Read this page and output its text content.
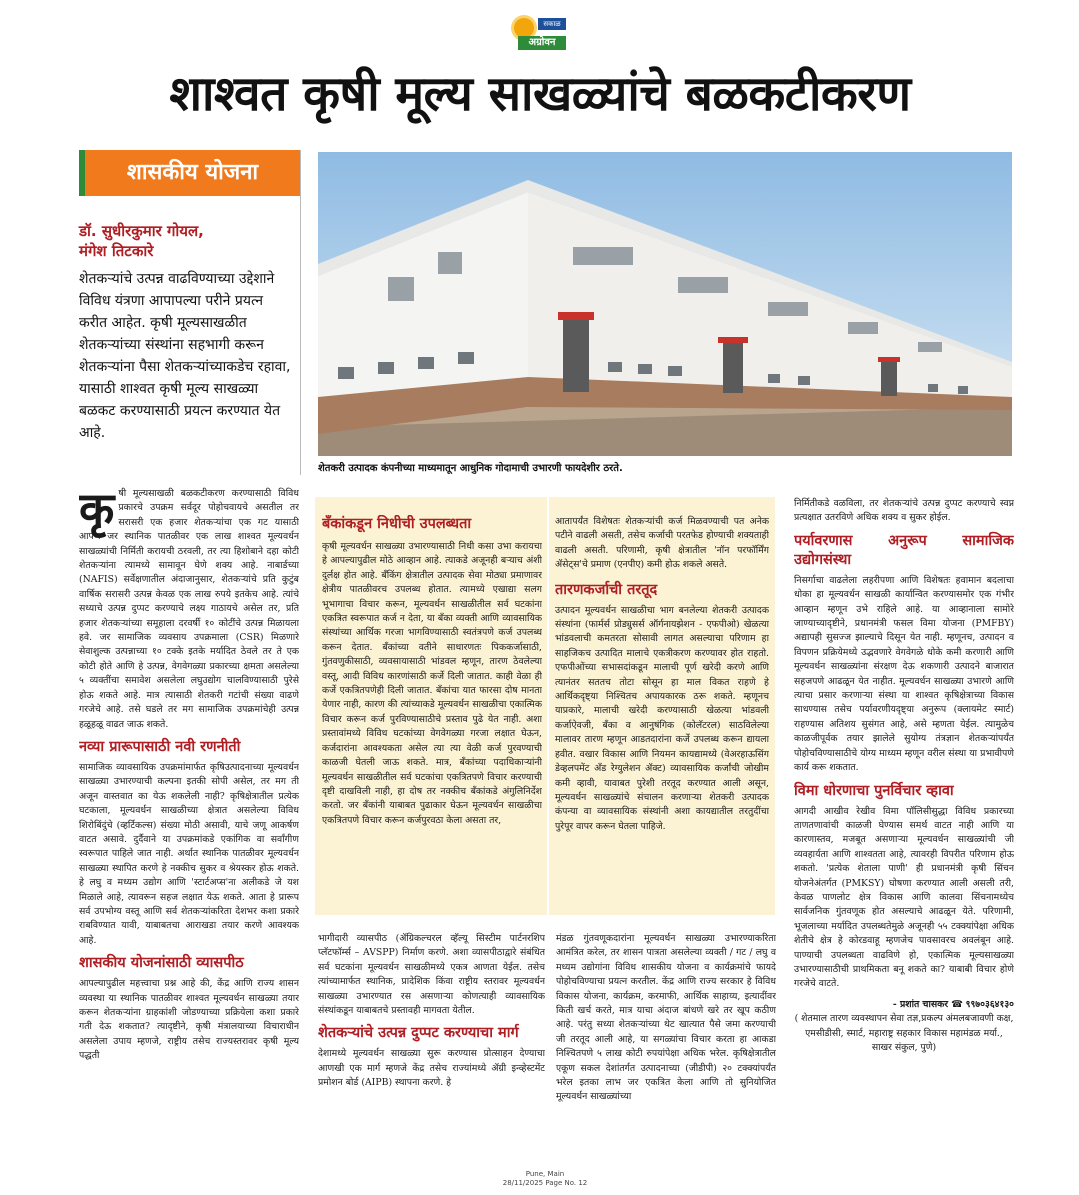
सकाळ
अग्रोवन
शाश्वत कृषी मूल्य साखळ्यांचे बळकटीकरण
शासकीय योजना
डॉ. सुधीरकुमार गोयल,
मंगेश तिटकारे
शेतकऱ्यांचे उत्पन्न वाढविण्याच्या उद्देशाने विविध यंत्रणा आपापल्या परीने प्रयत्न करीत आहेत. कृषी मूल्यसाखळीत शेतकऱ्यांच्या संस्थांना सहभागी करून शेतकऱ्यांना पैसा शेतकऱ्यांच्याकडेच रहावा, यासाठी शाश्वत कृषी मूल्य साखळ्या बळकट करण्यासाठी प्रयत्न करण्यात येत आहे.
शेतकरी उत्पादक कंपनीच्या माध्यमातून आधुनिक गोदामाची उभारणी फायदेशीर ठरते.
कृ षी मूल्यसाखळी बळकटीकरण करण्यासाठी विविध प्रकारचे उपक्रम सर्वदूर पोहोचवायचे असतील तर सरासरी एक हजार शेतकऱ्यांचा एक गट यासाठी आपण जर स्थानिक पातळीवर एक लाख शाश्वत मूल्यवर्धन साखळ्यांची निर्मिती करायची ठरवली, तर त्या हिशोबाने दहा कोटी शेतकऱ्यांना त्यामध्ये सामावून घेणे शक्य आहे. नाबार्डच्या (NAFIS) सर्वेक्षणातील अंदाजानुसार, शेतकऱ्यांचे प्रति कुटुंब वार्षिक सरासरी उत्पन्न केवळ एक लाख रुपये इतकेच आहे. त्यांचे सध्याचे उत्पन्न दुप्पट करण्याचे लक्ष्य गाठायचे असेल तर, प्रति हजार शेतकऱ्यांच्या समूहाला दरवर्षी १० कोटींचे उत्पन्न मिळायला हवे. जर सामाजिक व्यवसाय उपक्रमाला (CSR) मिळणारे सेवाशुल्क उत्पन्नाच्या १० टक्के इतके मर्यादित ठेवले तर ते एक कोटी होते आणि हे उत्पन्न, वेगवेगळ्या प्रकारच्या क्षमता असलेल्या ५ व्यक्तींचा समावेश असलेला लघुउद्योग चालविण्यासाठी पुरेसे होऊ शकते आहे. मात्र त्यासाठी शेतकरी गटांची संख्या वाढणे गरजेचे आहे. तसे घडले तर मग सामाजिक उपक्रमांचेही उत्पन्न हळूहळू वाढत जाऊ शकते.
नव्या प्रारूपासाठी नवी रणनीती
सामाजिक व्यावसायिक उपक्रमांमार्फत कृषिउत्पादनाच्या मूल्यवर्धन साखळ्या उभारण्याची कल्पना इतकी सोपी असेल, तर मग ती अजून वास्तवात का येऊ शकलेली नाही? कृषिक्षेत्रातील प्रत्येक घटकाला, मूल्यवर्धन साखळीच्या क्षेत्रात असलेल्या विविध शिरोबिंदुंचे (व्हर्टिकल्स) संख्या मोठी असावी, याचे जणू आकर्षण वाटत असावे. दुर्दैवाने या उपक्रमांकडे एकांगिक वा सर्वांगीण स्वरूपात पाहिले जात नाही. अर्थात स्थानिक पातळीवर मूल्यवर्धन साखळ्या स्थापित करणे हे नक्कीच सुकर व श्रेयस्कर होऊ शकते. हे लघु व मध्यम उद्योग आणि 'स्टार्टअप्स'ना अलीकडे जे यश मिळाले आहे, त्यावरून सहज लक्षात येऊ शकते. आता हे प्रारूप सर्व उपभोग्य वस्तू आणि सर्व शेतकऱ्यांकरिता देशभर कशा प्रकारे राबविण्यात यावी, याबाबतचा आराखडा तयार करणे आवश्यक आहे.
शासकीय योजनांसाठी व्यासपीठ
आपल्यापुढील महत्त्वाचा प्रश्न आहे की, केंद्र आणि राज्य शासन व्यवस्था या स्थानिक पातळीवर शाश्वत मूल्यवर्धन साखळ्या तयार करून शेतकऱ्यांना ग्राहकांशी जोडण्याच्या प्रक्रियेला कशा प्रकारे गती देऊ शकतात? त्यादृष्टीने, कृषी मंत्रालयाच्या विचाराधीन असलेला उपाय म्हणजे, राष्ट्रीय तसेच राज्यस्तरावर कृषी मूल्य पद्धती
बँकांकडून निधीची उपलब्धता
कृषी मूल्यवर्धन साखळ्या उभारण्यासाठी निधी कसा उभा करायचा हे आपल्यापुढील मोठे आव्हान आहे. त्याकडे अजूनही बऱ्याच अंशी दुर्लक्ष होत आहे. बँकिंग क्षेत्रातील उत्पादक सेवा मोठ्या प्रमाणावर क्षेत्रीय पातळीवरच उपलब्ध होतात. त्यामध्ये एखाद्या सलग भूभागाचा विचार करून, मूल्यवर्धन साखळीतील सर्व घटकांना एकत्रित स्वरूपात कर्ज न देता, या बँका व्यक्ती आणि व्यावसायिक संस्थांच्या आर्थिक गरजा भागविण्यासाठी स्वतंत्रपणे कर्ज उपलब्ध करून देतात. बँकांच्या वतीने साधारणतः पिककर्जासाठी, गुंतवणुकीसाठी, व्यवसायासाठी भांडवल म्हणून, तारण ठेवलेल्या वस्तू, आदी विविध कारणांसाठी कर्जे दिली जातात. काही वेळा ही कर्जे एकत्रितपणेही दिली जातात. बँकांचा यात फारसा दोष मानता येणार नाही, कारण की त्यांच्याकडे मूल्यवर्धन साखळीचा एकात्मिक विचार करून कर्ज पुरविण्यासाठीचे प्रस्ताव पुढे येत नाही. अशा प्रस्तावांमध्ये विविध घटकांच्या वेगवेगळ्या गरजा लक्षात घेऊन, कर्जदारांना आवश्यकता असेल त्या त्या वेळी कर्ज पुरवण्याची काळजी घेतली जाऊ शकते. मात्र, बँकांच्या पदाधिकाऱ्यांनी मूल्यवर्धन साखळीतील सर्व घटकांचा एकत्रितपणे विचार करण्याची दृष्टी दाखविली नाही, हा दोष तर नक्कीच बँकांकडे अंगुलिनिर्देश करतो. जर बँकांनी याबाबत पुढाकार घेऊन मूल्यवर्धन साखळीचा एकत्रितपणे विचार करून कर्जपुरवठा केला असता तर,
भागीदारी व्यासपीठ (ॲग्रिकल्चरल व्हॅल्यू सिस्टीम पार्टनरशिप प्लॅटफॉर्म्स – AVSPP) निर्माण करणे. अशा व्यासपीठाद्वारे संबंधित सर्व घटकांना मूल्यवर्धन साखळीमध्ये एकत्र आणता येईल. तसेच त्यांच्यामार्फत स्थानिक, प्रादेशिक किंवा राष्ट्रीय स्तरावर मूल्यवर्धन साखळ्या उभारण्यात रस असणाऱ्या कोणत्याही व्यावसायिक संस्थांकडून याबाबतचे प्रस्तावही मागवता येतील.
शेतकऱ्यांचे उत्पन्न दुप्पट करण्याचा मार्ग
देशामध्ये मूल्यवर्धन साखळ्या सुरू करण्यास प्रोत्साहन देण्याचा आणखी एक मार्ग म्हणजे केंद्र तसेच राज्यांमध्ये ॲग्री इन्व्हेस्टमेंट प्रमोशन बोर्ड (AIPB) स्थापना करणे. हे
आतापर्यंत विशेषतः शेतकऱ्यांची कर्ज मिळवण्याची पत अनेक पटीने वाढली असती, तसेच कर्जाची परतफेड होण्याची शक्यताही वाढली असती. परिणामी, कृषी क्षेत्रातील 'नॉन परफॉर्मिंग ॲसेट्स'चे प्रमाण (एनपीए) कमी होऊ शकले असते.
तारणकर्जाची तरतूद
उत्पादन मूल्यवर्धन साखळीचा भाग बनलेल्या शेतकरी उत्पादक संस्थांना (फार्मर्स प्रोड्युसर्स ऑर्गनायझेशन - एफपीओ) खेळत्या भांडवलाची कमतरता सोसावी लागत असल्याचा परिणाम हा साहजिकच उत्पादित मालाचे एकत्रीकरण करण्यावर होत राहतो. एफपीओंच्या सभासदांकडून मालाची पूर्ण खरेदी करणे आणि त्यानंतर सततच तोटा सोसून हा माल विकत राहणे हे आर्थिकदृष्ट्या निश्चितच अपायकारक ठरू शकते. म्हणूनच याप्रकारे, मालाची खरेदी करण्यासाठी खेळत्या भांडवली कर्जाऐवजी, बँका व आनुषंगिक (कोलॅटरल) साठविलेल्या मालावर तारण म्हणून आडतदारांना कर्जे उपलब्ध करून द्यायला हवीत. वखार विकास आणि नियमन कायद्यामध्ये (वेअरहाऊसिंग डेव्हलपमेंट अँड रेग्युलेशन ॲक्ट) व्यावसायिक कर्जांची जोखीम कमी व्हावी, यावाबत पुरेशी तरतूद करण्यात आली असून, मूल्यवर्धन साखळ्यांचे संचालन करणाऱ्या शेतकरी उत्पादक कंपन्या वा व्यावसायिक संस्थांनी अशा कायद्यातील तरतुदींचा पुरेपूर वापर करून घेतला पाहिजे.
मंडळ गुंतवणूकदारांना मूल्यवर्धन साखळ्या उभारण्याकरिता आमंत्रित करेल, तर शासन पात्रता असलेल्या व्यक्ती / गट / लघु व मध्यम उद्योगांना विविध शासकीय योजना व कार्यक्रमांचे फायदे पोहोचविण्याचा प्रयत्न करतील. केंद्र आणि राज्य सरकार हे विविध विकास योजना, कार्यक्रम, करमाफी, आर्थिक साहाय्य, इत्यादींवर किती खर्च करते, मात्र याचा अंदाज बांधणे खरे तर खूप कठीण आहे. परंतु सध्या शेतकऱ्यांच्या थेट खात्यात पैसे जमा करण्याची जी तरतूद आली आहे, या सगळ्यांचा विचार करता हा आकडा निश्चितपणे ५ लाख कोटी रुपयांपेक्षा अधिक भरेल. कृषिक्षेत्रातील एकूण सकल देशांतर्गत उत्पादनाच्या (जीडीपी) २० टक्क्यांपर्यंत भरेल इतका लाभ जर एकत्रित केला आणि तो सुनियोजित मूल्यवर्धन साखळ्यांच्या
निर्मितीकडे वळविला, तर शेतकऱ्यांचे उत्पन्न दुप्पट करण्याचे स्वप्न प्रत्यक्षात उतरविणे अधिक शक्य व सुकर होईल.
पर्यावरणास अनुरूप सामाजिक उद्योगसंस्था
निसर्गाचा वाढलेला लहरीपणा आणि विशेषतः हवामान बदलाचा धोका हा मूल्यवर्धन साखळी कार्यान्वित करण्यासमोर एक गंभीर आव्हान म्हणून उभे राहिले आहे. या आव्हानाला सामोरे जाण्याच्यादृष्टीने, प्रधानमंत्री फसल विमा योजना (PMFBY) अद्यापही सुसज्ज झाल्याचे दिसून येत नाही. म्हणूनच, उत्पादन व विपणन प्रक्रियेमध्ये उद्भवणारे वेगवेगळे धोके कमी करणारी आणि मूल्यवर्धन साखळ्यांना संरक्षण देऊ शकणारी उत्पादने बाजारात सहजपणे आढळून येत नाहीत. मूल्यवर्धन साखळ्या उभारणे आणि त्याचा प्रसार करणाऱ्या संस्था या शाश्वत कृषिक्षेत्राच्या विकास साधण्यास तसेच पर्यावरणीयदृष्ट्या अनुरूप (क्लायमेट स्मार्ट) राहण्यास अतिशय सुसंगत आहे, असे म्हणता येईल. त्यामुळेच काळजीपूर्वक तयार झालेले सुयोग्य तंत्रज्ञान शेतकऱ्यांपर्यंत पोहोचविण्यासाठीचे योग्य माध्यम म्हणून वरील संस्था या प्रभावीपणे कार्य करू शकतात.
विमा धोरणाचा पुनर्विचार व्हावा
आगदी आखीव रेखीव विमा पॉलिसीसुद्धा विविध प्रकारच्या ताणतणावांची काळजी घेण्यास समर्थ वाटत नाही आणि या कारणास्तव, मजबूत असणाऱ्या मूल्यवर्धन साखळ्यांची जी व्यवहार्यता आणि शाश्वतता आहे, त्यावरही विपरीत परिणाम होऊ शकतो. 'प्रत्येक शेताला पाणी' ही प्रधानमंत्री कृषी सिंचन योजनेअंतर्गत (PMKSY) घोषणा करण्यात आली असली तरी, केवळ पाणलोट क्षेत्र विकास आणि कालवा सिंचनामध्येच सार्वजनिक गुंतवणूक होत असल्याचे आढळून येते. परिणामी, भूजलाच्या मर्यादित उपलब्धतेमुळे अजूनही ५५ टक्क्यांपेक्षा अधिक शेतीचे क्षेत्र हे कोरडवाहू म्हणजेच पावसावरच अवलंबून आहे. पाण्याची उपलब्धता वाढविणे हो, एकात्मिक मूल्यसाखळ्या उभारण्यासाठीची प्राथमिकता बनू शकते का? याबाबी विचार होणे गरजेचे वाटते.
- प्रशांत चासकर ☎ ९९७०३६४१३०
( शेतमाल तारण व्यवस्थापन सेवा तज्ञ,प्रकल्प अंमलबजावणी कक्ष, एमसीडीसी, स्मार्ट, महाराष्ट्र सहकार विकास महामंडळ मर्या., साखर संकुल, पुणे)
Pune, Main
28/11/2025 Page No. 12
